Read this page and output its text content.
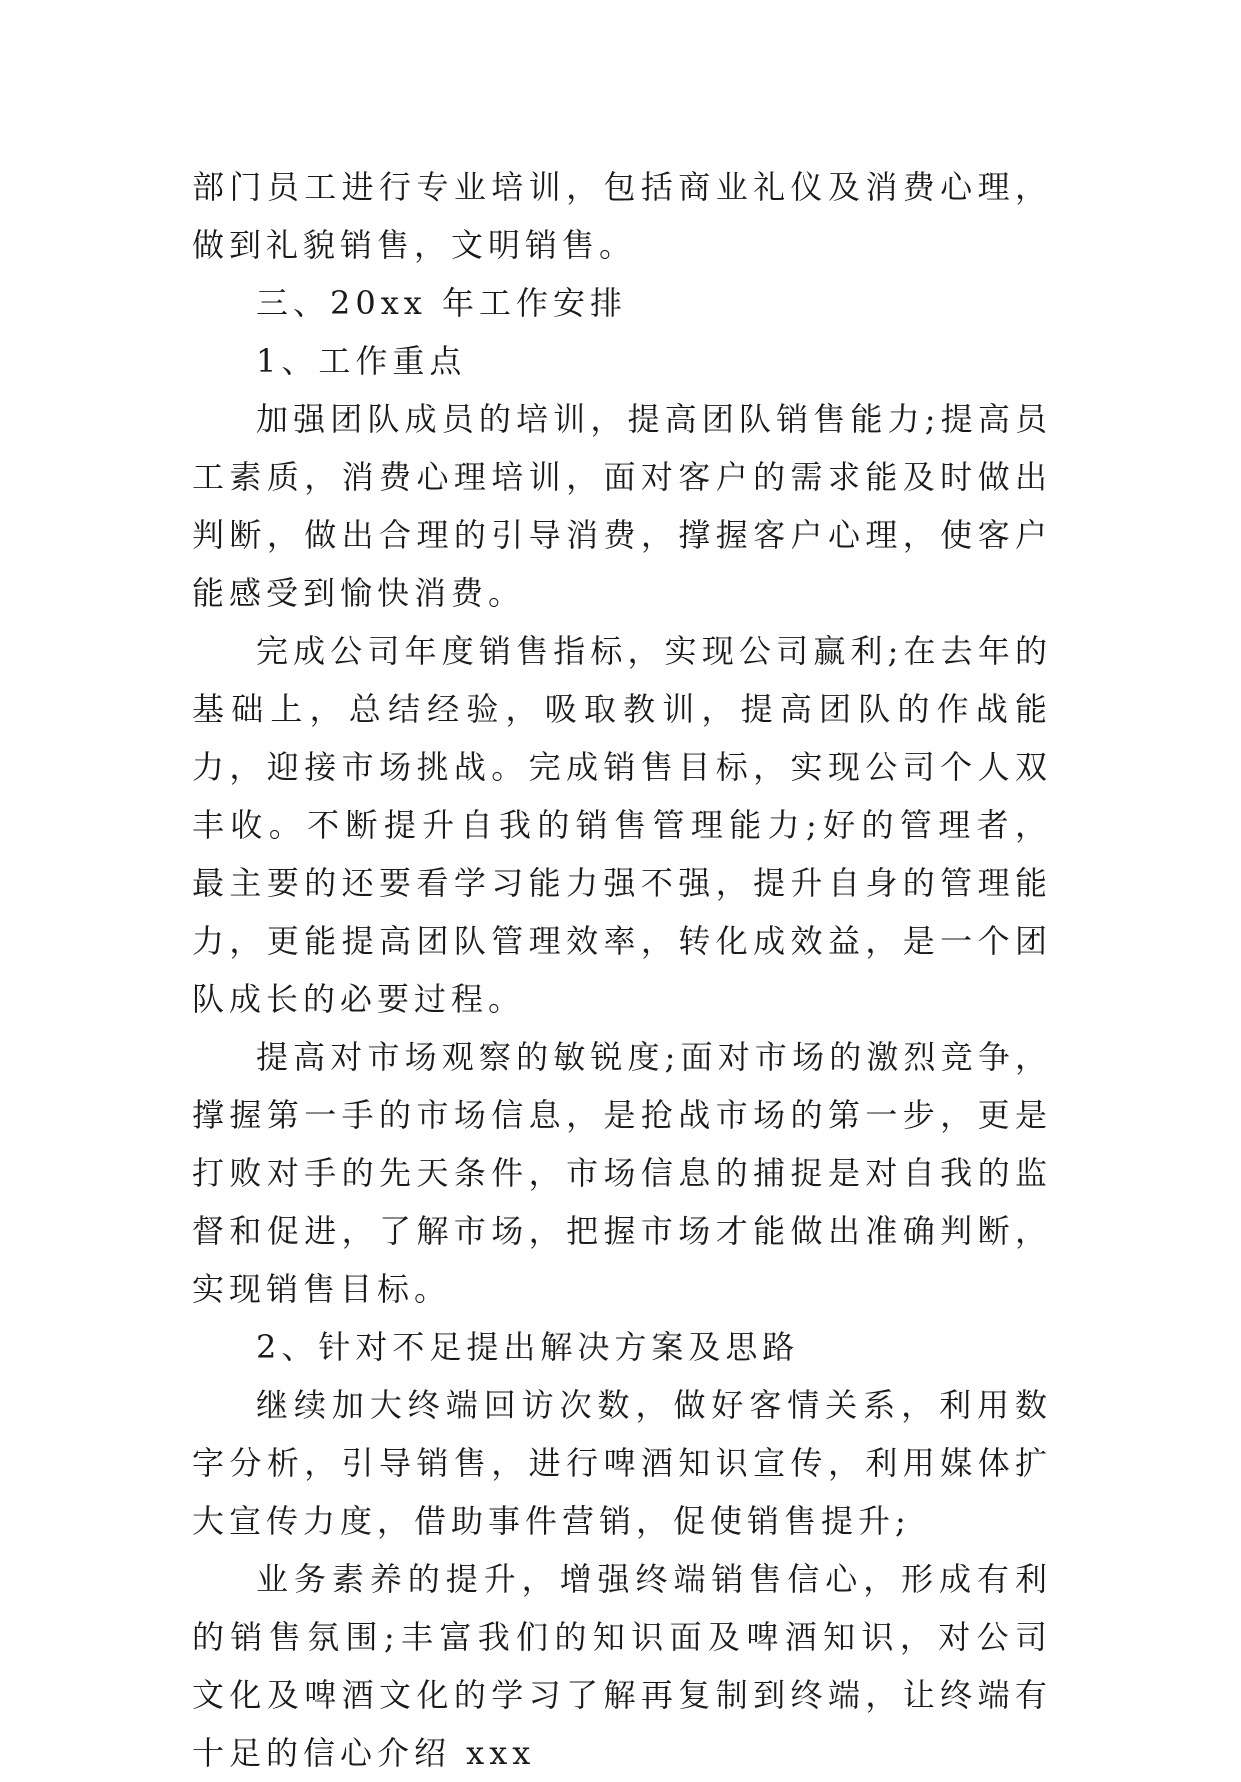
部门员工进行专业培训，包括商业礼仪及消费心理，做到礼貌销售，文明销售。

三、20xx 年工作安排

1、工作重点

加强团队成员的培训，提高团队销售能力;提高员工素质，消费心理培训，面对客户的需求能及时做出判断，做出合理的引导消费，撑握客户心理，使客户能感受到愉快消费。

完成公司年度销售指标，实现公司赢利;在去年的基础上，总结经验，吸取教训，提高团队的作战能力，迎接市场挑战。完成销售目标，实现公司个人双丰收。不断提升自我的销售管理能力;好的管理者，最主要的还要看学习能力强不强，提升自身的管理能力，更能提高团队管理效率，转化成效益，是一个团队成长的必要过程。

提高对市场观察的敏锐度;面对市场的激烈竞争，撑握第一手的市场信息，是抢战市场的第一步，更是打败对手的先天条件，市场信息的捕捉是对自我的监督和促进，了解市场，把握市场才能做出准确判断，实现销售目标。

2、针对不足提出解决方案及思路

继续加大终端回访次数，做好客情关系，利用数字分析，引导销售，进行啤酒知识宣传，利用媒体扩大宣传力度，借助事件营销，促使销售提升;

业务素养的提升，增强终端销售信心，形成有利的销售氛围;丰富我们的知识面及啤酒知识，对公司文化及啤酒文化的学习了解再复制到终端，让终端有十足的信心介绍 xxx
